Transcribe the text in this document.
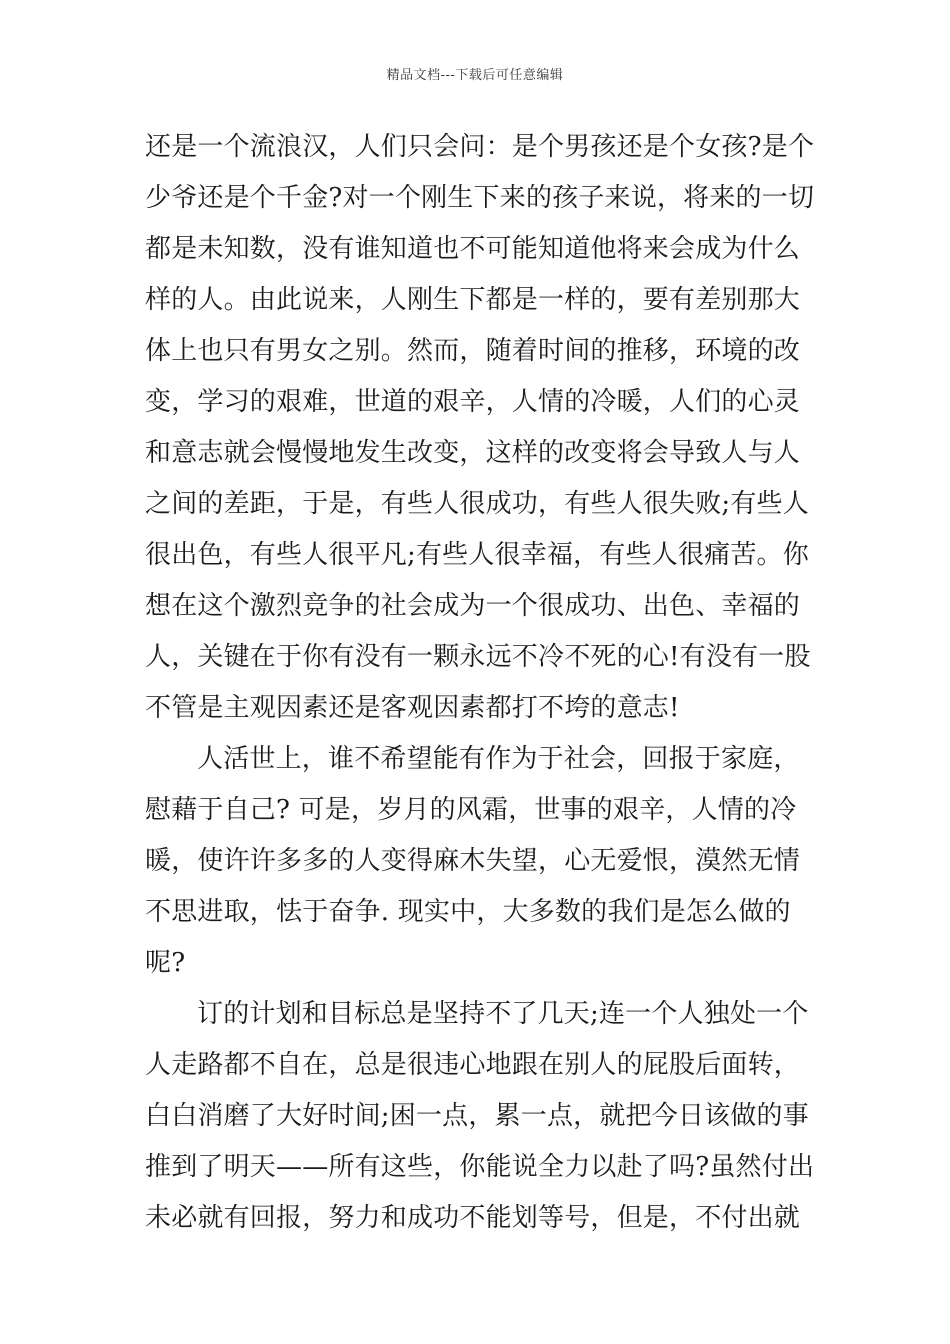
精品文档---下载后可任意编辑
还是一个流浪汉，人们只会问：是个男孩还是个女孩?是个
少爷还是个千金?对一个刚生下来的孩子来说，将来的一切
都是未知数，没有谁知道也不可能知道他将来会成为什么
样的人。由此说来，人刚生下都是一样的，要有差别那大
体上也只有男女之别。然而，随着时间的推移，环境的改
变，学习的艰难，世道的艰辛，人情的冷暖，人们的心灵
和意志就会慢慢地发生改变，这样的改变将会导致人与人
之间的差距，于是，有些人很成功，有些人很失败;有些人
很出色，有些人很平凡;有些人很幸福，有些人很痛苦。你
想在这个激烈竞争的社会成为一个很成功、出色、幸福的
人，关键在于你有没有一颗永远不冷不死的心!有没有一股
不管是主观因素还是客观因素都打不垮的意志!
人活世上，谁不希望能有作为于社会，回报于家庭，
慰藉于自己? 可是，岁月的风霜，世事的艰辛，人情的冷
暖，使许许多多的人变得麻木失望，心无爱恨，漠然无情
不思进取，怯于奋争. 现实中，大多数的我们是怎么做的
呢?
订的计划和目标总是坚持不了几天;连一个人独处一个
人走路都不自在，总是很违心地跟在别人的屁股后面转，
白白消磨了大好时间;困一点，累一点，就把今日该做的事
推到了明天——所有这些，你能说全力以赴了吗?虽然付出
未必就有回报，努力和成功不能划等号，但是，不付出就
